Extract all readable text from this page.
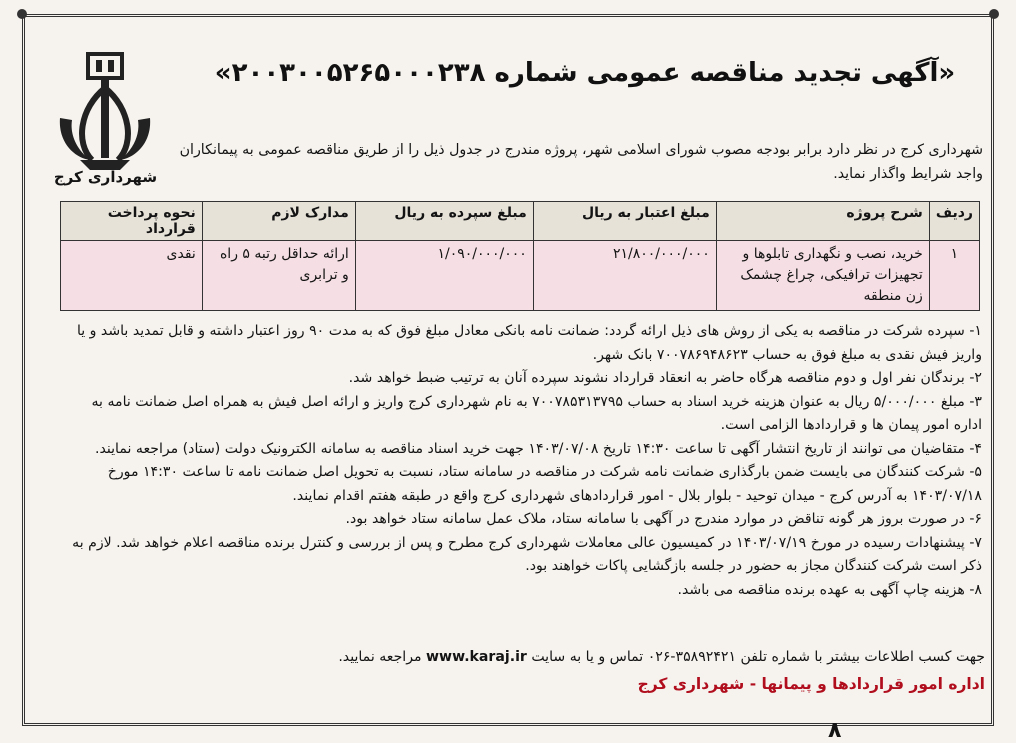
«آگهی تجدید مناقصه عمومی شماره ۲۰۰۳۰۰۵۲۶۵۰۰۰۲۳۸»
شهرداری کرج
شهرداری کرج در نظر دارد برابر بودجه مصوب شورای اسلامی شهر، پروژه مندرج در جدول ذیل را از طریق مناقصه عمومی به پیمانکاران واجد شرایط واگذار نماید.
ردیف	شرح پروژه	مبلغ اعتبار به ریال	مبلغ سپرده به ریال	مدارک لازم	نحوه پرداخت قرارداد
۱	خرید، نصب و نگهداری تابلوها و تجهیزات ترافیکی، چراغ چشمک زن منطقه	۲۱/۸۰۰/۰۰۰/۰۰۰	۱/۰۹۰/۰۰۰/۰۰۰	ارائه حداقل رتبه ۵ راه و ترابری	نقدی

۱- سپرده شرکت در مناقصه به یکی از روش های ذیل ارائه گردد: ضمانت نامه بانکی معادل مبلغ فوق که به مدت ۹۰ روز اعتبار داشته و قابل تمدید باشد و یا واریز فیش نقدی به مبلغ فوق به حساب ۷۰۰۷۸۶۹۴۸۶۲۳ بانک شهر.

۲- برندگان نفر اول و دوم مناقصه هرگاه حاضر به انعقاد قرارداد نشوند سپرده آنان به ترتیب ضبط خواهد شد.

۳- مبلغ ۵/۰۰۰/۰۰۰ ریال به عنوان هزینه خرید اسناد به حساب ۷۰۰۷۸۵۳۱۳۷۹۵ به نام شهرداری کرج واریز و ارائه اصل فیش به همراه اصل ضمانت نامه به اداره امور پیمان ها و قراردادها الزامی است.

۴- متقاضیان می توانند از تاریخ انتشار آگهی تا ساعت ۱۴:۳۰ تاریخ ۱۴۰۳/۰۷/۰۸ جهت خرید اسناد مناقصه به سامانه الکترونیک دولت (ستاد) مراجعه نمایند.

۵- شرکت کنندگان می بایست ضمن بارگذاری ضمانت نامه شرکت در مناقصه در سامانه ستاد، نسبت به تحویل اصل ضمانت نامه تا ساعت ۱۴:۳۰ مورخ ۱۴۰۳/۰۷/۱۸ به آدرس کرج - میدان توحید - بلوار بلال - امور قراردادهای شهرداری کرج واقع در طبقه هفتم اقدام نمایند.

۶- در صورت بروز هر گونه تناقض در موارد مندرج در آگهی با سامانه ستاد، ملاک عمل سامانه ستاد خواهد بود.

۷- پیشنهادات رسیده در مورخ ۱۴۰۳/۰۷/۱۹ در کمیسیون عالی معاملات شهرداری کرج مطرح و پس از بررسی و کنترل برنده مناقصه اعلام خواهد شد. لازم به ذکر است شرکت کنندگان مجاز به حضور در جلسه بازگشایی پاکات خواهند بود.

۸- هزینه چاپ آگهی به عهده برنده مناقصه می باشد.

جهت کسب اطلاعات بیشتر با شماره تلفن ۳۵۸۹۲۴۲۱-۰۲۶ تماس و یا به سایت www.karaj.ir مراجعه نمایید.
اداره امور قراردادها و پیمانها - شهرداری کرج
۸
